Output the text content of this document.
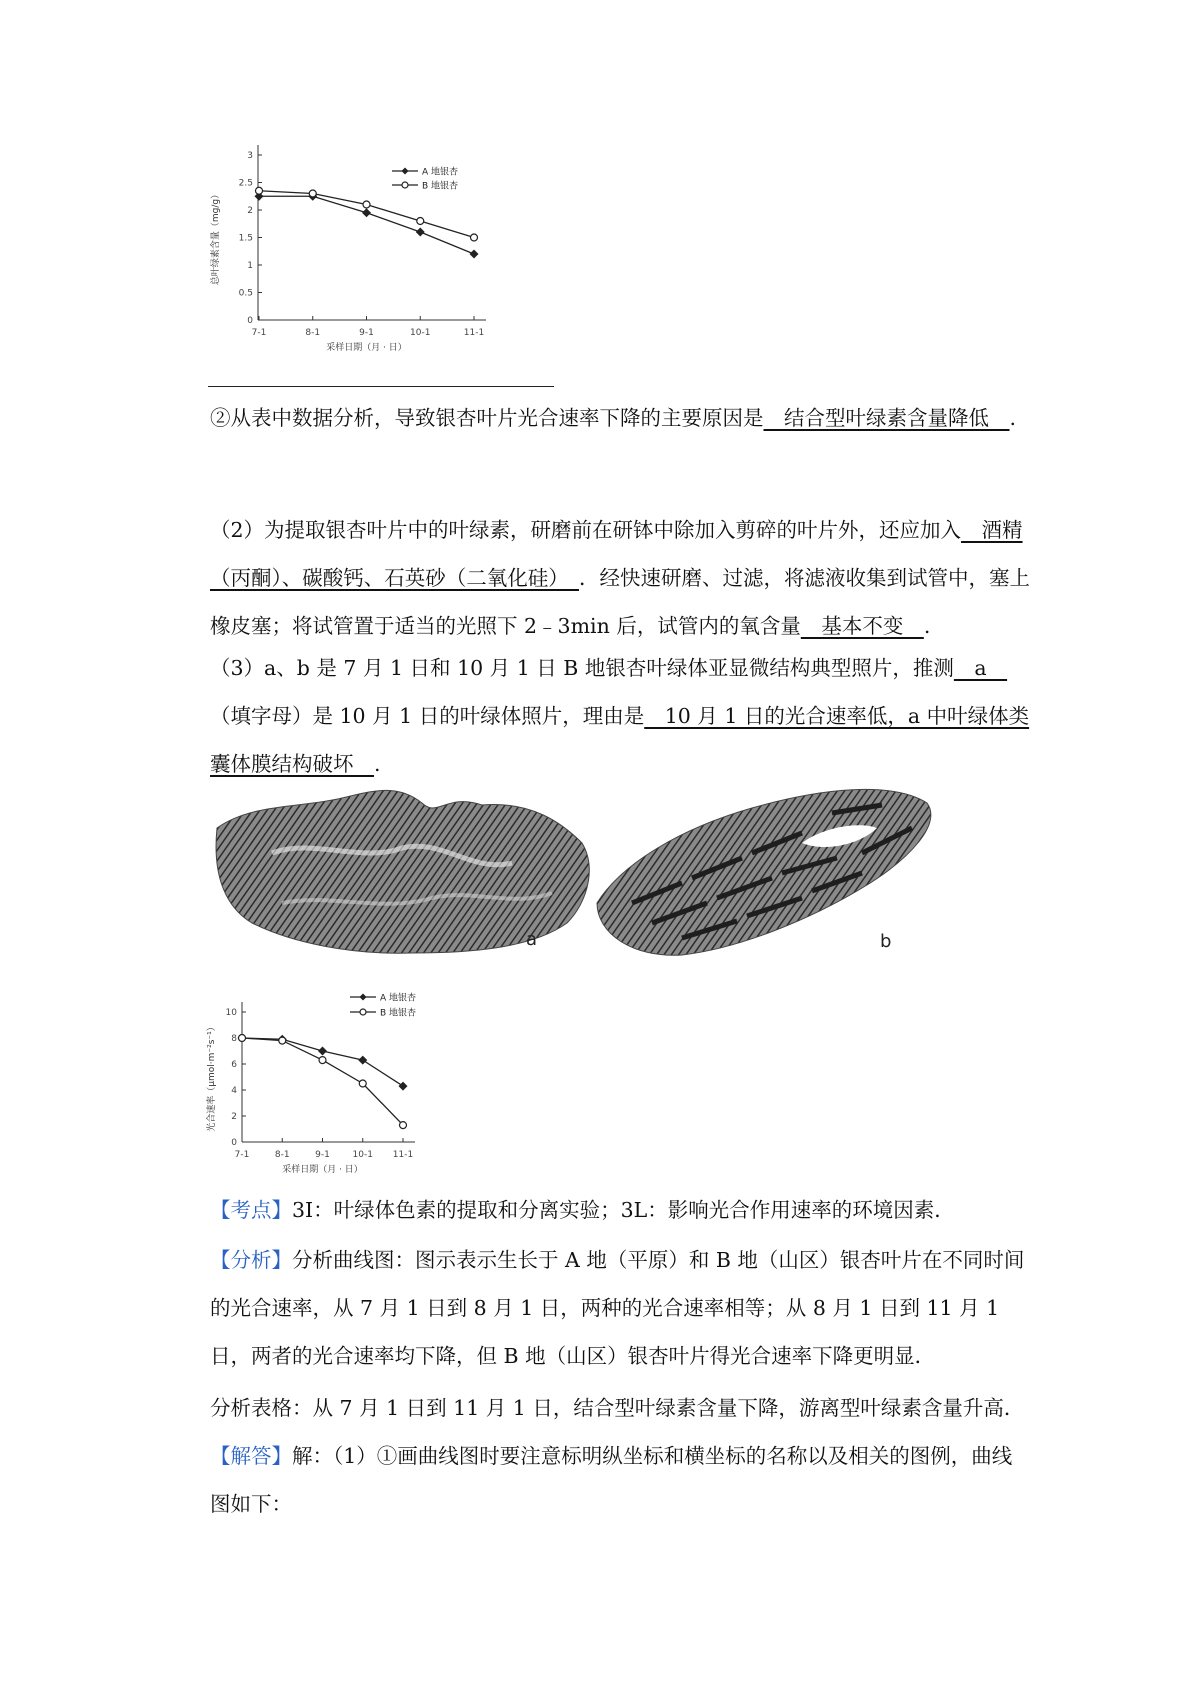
0
0.5
1
1.5
2
2.5
3
7-1	8-1	9-1	10-1	11-1
采样日期（月 · 日）
总叶绿素含量（mg/g）
A 地银杏
B 地银杏

②从表中数据分析，导致银杏叶片光合速率下降的主要原因是　结合型叶绿素含量降低　.

（2）为提取银杏叶片中的叶绿素，研磨前在研钵中除加入剪碎的叶片外，还应加入　酒精（丙酮）、碳酸钙、石英砂（二氧化硅）　．经快速研磨、过滤，将滤液收集到试管中，塞上橡皮塞；将试管置于适当的光照下 2﹣3min 后，试管内的氧含量　基本不变　.

（3）a、b 是 7 月 1 日和 10 月 1 日 B 地银杏叶绿体亚显微结构典型照片，推测　a　（填字母）是 10 月 1 日的叶绿体照片，理由是　10 月 1 日的光合速率低，a 中叶绿体类囊体膜结构破坏　.

a	b
0
2
4
6
8
10
7-1	8-1	9-1	10-1 11-1
采样日期（月 · 日）
光合速率（μmol·m⁻²s⁻¹）
A 地银杏
B 地银杏

【考点】3I：叶绿体色素的提取和分离实验；3L：影响光合作用速率的环境因素．

【分析】分析曲线图：图示表示生长于 A 地（平原）和 B 地（山区）银杏叶片在不同时间的光合速率，从 7 月 1 日到 8 月 1 日，两种的光合速率相等；从 8 月 1 日到 11 月 1 日，两者的光合速率均下降，但 B 地（山区）银杏叶片得光合速率下降更明显．

分析表格：从 7 月 1 日到 11 月 1 日，结合型叶绿素含量下降，游离型叶绿素含量升高．

【解答】解：（1）①画曲线图时要注意标明纵坐标和横坐标的名称以及相关的图例，曲线图如下：
